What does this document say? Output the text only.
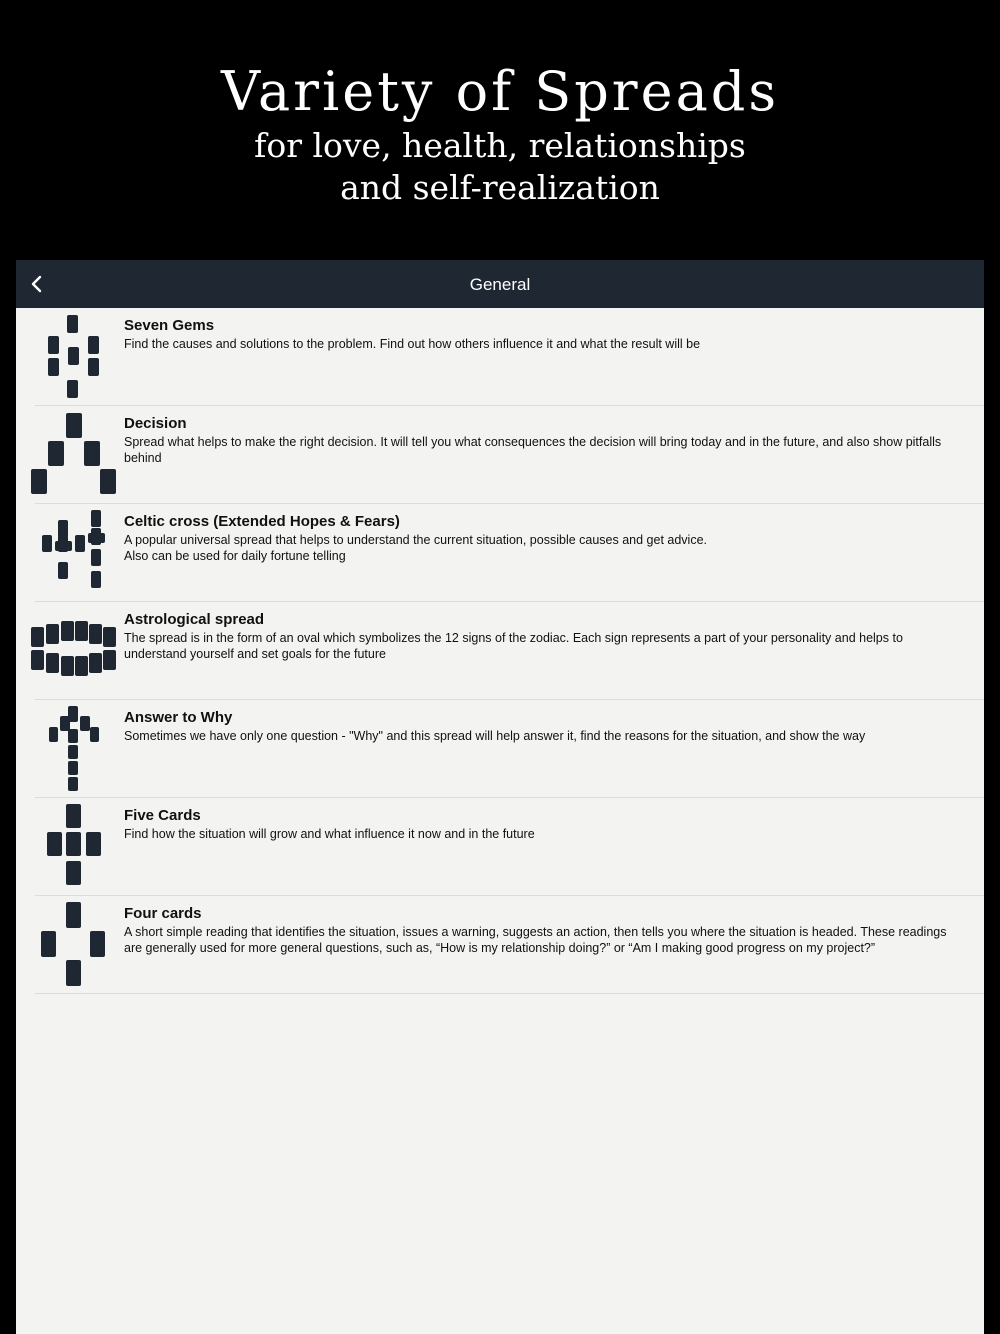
Variety of Spreads
for love, health, relationships
and self-realization
General
Seven Gems
Find the causes and solutions to the problem. Find out how others influence it and what the result will be
Decision
Spread what helps to make the right decision. It will tell you what consequences the decision will bring today and in the future, and also show pitfalls behind
Celtic cross (Extended Hopes & Fears)
A popular universal spread that helps to understand the current situation, possible causes and get advice.
Also can be used for daily fortune telling
Astrological spread
The spread is in the form of an oval which symbolizes the 12 signs of the zodiac. Each sign represents a part of your personality and helps to understand yourself and set goals for the future
Answer to Why
Sometimes we have only one question - "Why" and this spread will help answer it, find the reasons for the situation, and show the way
Five Cards
Find how the situation will grow and what influence it now and in the future
Four cards
A short simple reading that identifies the situation, issues a warning, suggests an action, then tells you where the situation is headed. These readings are generally used for more general questions, such as, “How is my relationship doing?” or “Am I making good progress on my project?”
